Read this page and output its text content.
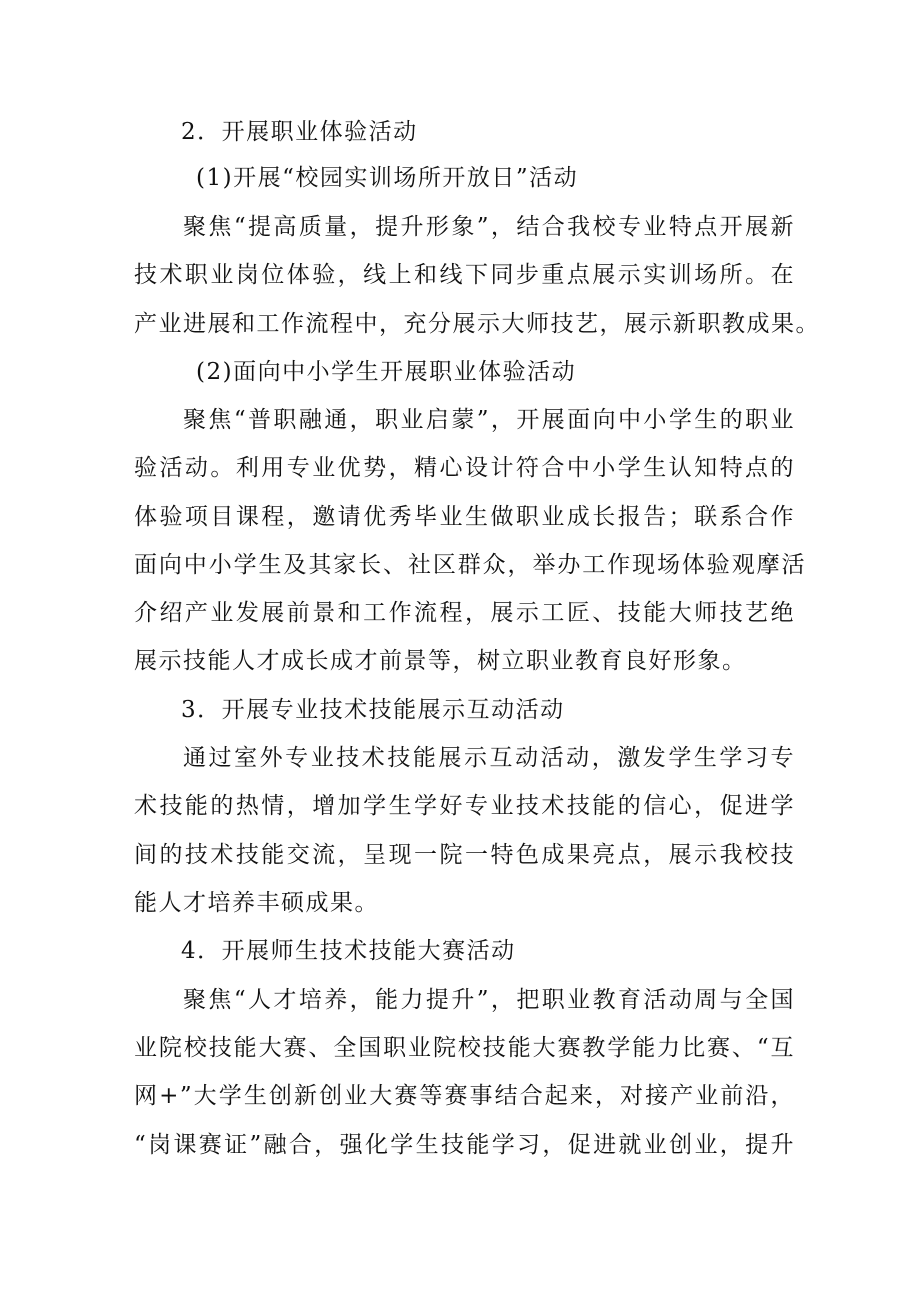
2．开展职业体验活动
(1)开展“校园实训场所开放日”活动
聚焦“提高质量，提升形象”，结合我校专业特点开展新
技术职业岗位体验，线上和线下同步重点展示实训场所。在
产业进展和工作流程中，充分展示大师技艺，展示新职教成果。
(2)面向中小学生开展职业体验活动
聚焦“普职融通，职业启蒙”，开展面向中小学生的职业
验活动。利用专业优势，精心设计符合中小学生认知特点的
体验项目课程，邀请优秀毕业生做职业成长报告；联系合作
面向中小学生及其家长、社区群众，举办工作现场体验观摩活
介绍产业发展前景和工作流程，展示工匠、技能大师技艺绝
展示技能人才成长成才前景等，树立职业教育良好形象。
3．开展专业技术技能展示互动活动
通过室外专业技术技能展示互动活动，激发学生学习专
术技能的热情，增加学生学好专业技术技能的信心，促进学
间的技术技能交流，呈现一院一特色成果亮点，展示我校技
能人才培养丰硕成果。
4．开展师生技术技能大赛活动
聚焦“人才培养，能力提升”，把职业教育活动周与全国
业院校技能大赛、全国职业院校技能大赛教学能力比赛、“互
网+”大学生创新创业大赛等赛事结合起来，对接产业前沿，
“岗课赛证”融合，强化学生技能学习，促进就业创业，提升
